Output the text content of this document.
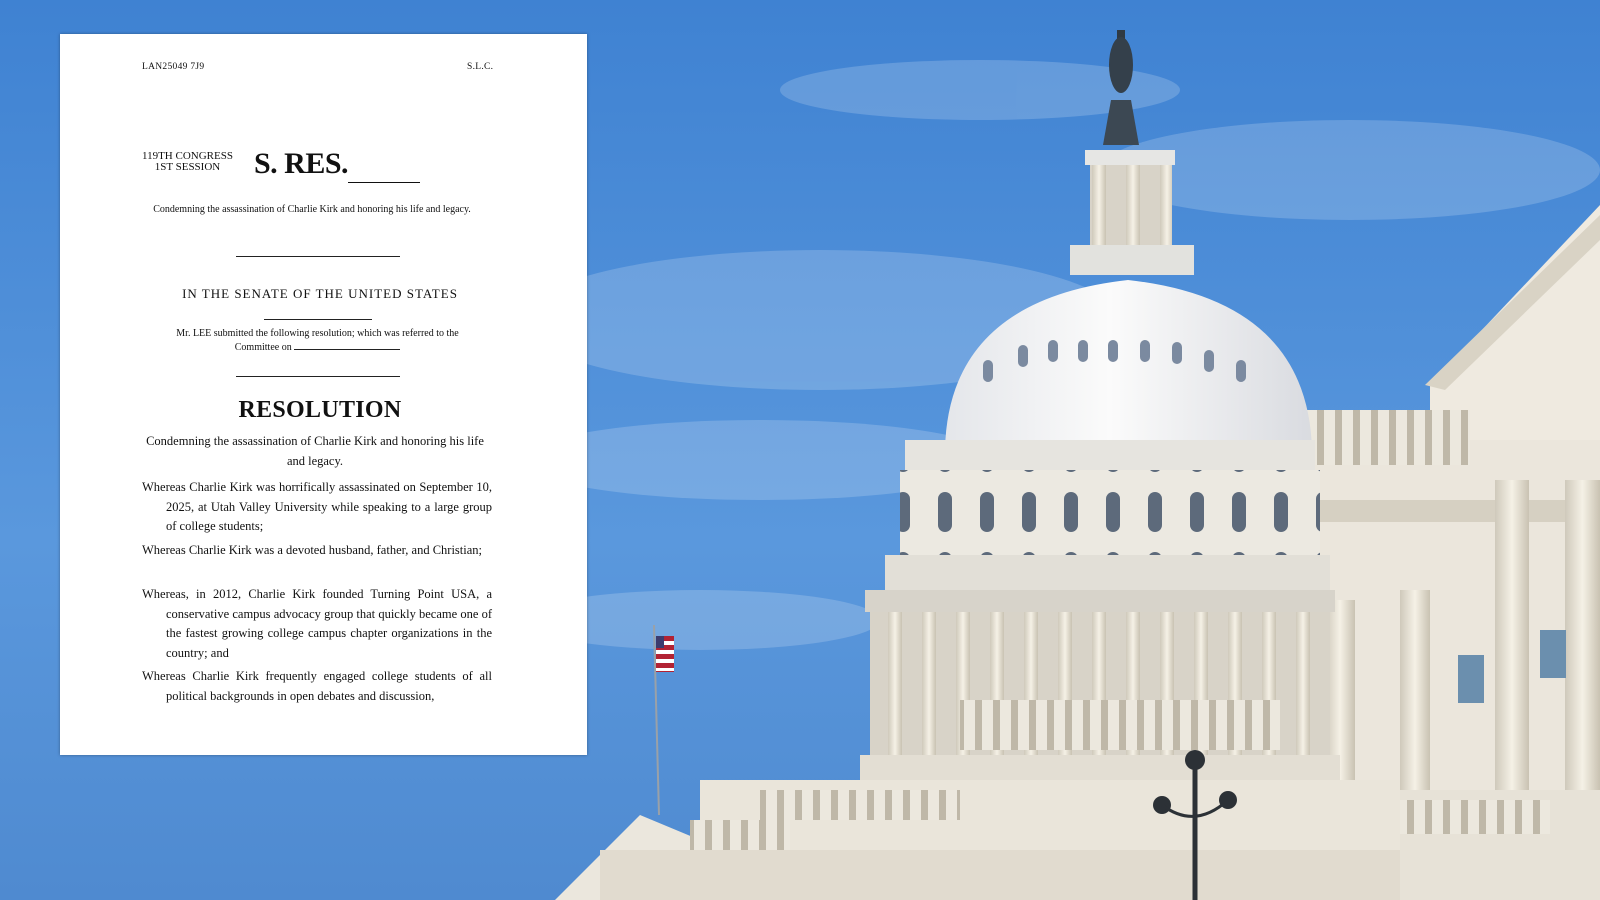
LAN25049 7J9	S.L.C.
119TH CONGRESS
1ST SESSION	S. RES.
Condemning the assassination of Charlie Kirk and honoring his life and legacy.
IN THE SENATE OF THE UNITED STATES
Mr. LEE submitted the following resolution; which was referred to the Committee on
RESOLUTION
Condemning the assassination of Charlie Kirk and honoring his life and legacy.
Whereas Charlie Kirk was horrifically assassinated on September 10, 2025, at Utah Valley University while speaking to a large group of college students;
Whereas Charlie Kirk was a devoted husband, father, and Christian;
Whereas, in 2012, Charlie Kirk founded Turning Point USA, a conservative campus advocacy group that quickly became one of the fastest growing college campus chapter organizations in the country; and
Whereas Charlie Kirk frequently engaged college students of all political backgrounds in open debates and discussion,
